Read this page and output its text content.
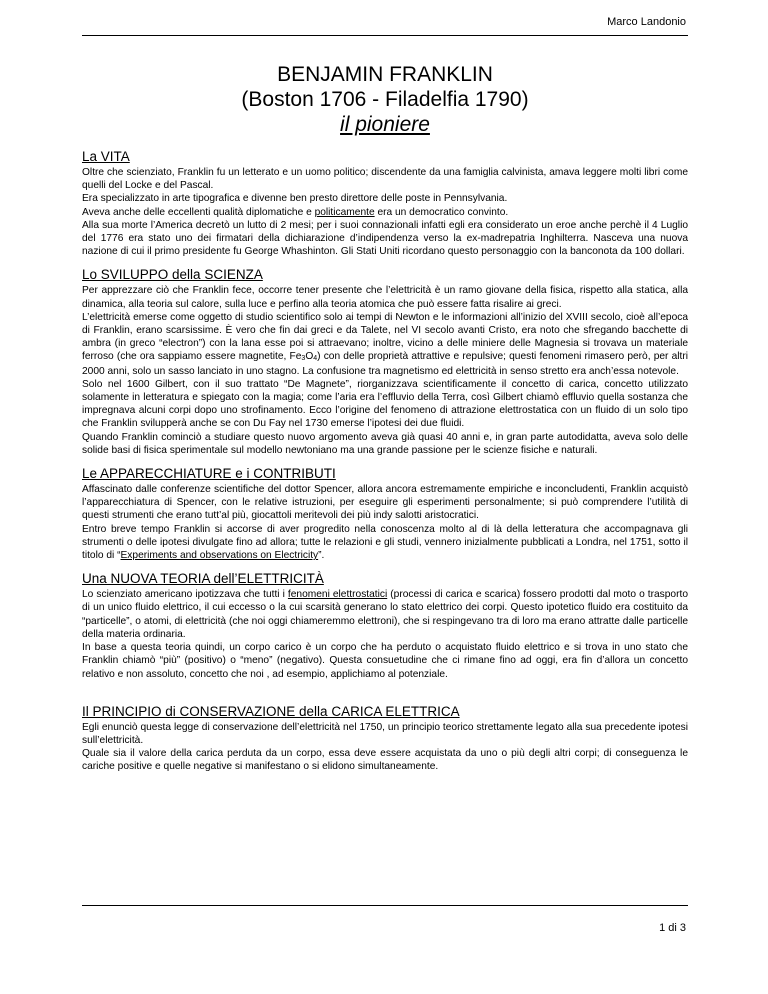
Marco Landonio
BENJAMIN FRANKLIN
(Boston 1706 - Filadelfia 1790)
il pioniere
La VITA

Oltre che scienziato, Franklin fu un letterato e un uomo politico; discendente da una famiglia calvinista, amava leggere molti libri come quelli del Locke e del Pascal.

Era specializzato in arte tipografica e divenne ben presto direttore delle poste in Pennsylvania.

Aveva anche delle eccellenti qualità diplomatiche e politicamente era un democratico convinto.

Alla sua morte l’America decretò un lutto di 2 mesi; per i suoi connazionali infatti egli era considerato un eroe anche perchè il 4 Luglio del 1776 era stato uno dei firmatari della dichiarazione d’indipendenza verso la ex-madrepatria Inghilterra. Nasceva una nuova nazione di cui il primo presidente fu George Whashinton. Gli Stati Uniti ricordano questo personaggio con la banconota da 100 dollari.

Lo SVILUPPO della SCIENZA

Per apprezzare ciò che Franklin fece, occorre tener presente che l’elettricità è un ramo giovane della fisica, rispetto alla statica, alla dinamica, alla teoria sul calore, sulla luce e perfino alla teoria atomica che può essere fatta risalire ai greci.

L’elettricità emerse come oggetto di studio scientifico solo ai tempi di Newton e le informazioni all’inizio del XVIII secolo, cioè all’epoca di Franklin, erano scarsissime. È vero che fin dai greci e da Talete, nel VI secolo avanti Cristo, era noto che sfregando bacchette di ambra (in greco “electron”) con la lana esse poi si attraevano; inoltre, vicino a delle miniere delle Magnesia si trovava un materiale ferroso (che ora sappiamo essere magnetite, $Fe_3O_4$) con delle proprietà attrattive e repulsive; questi fenomeni rimasero però, per altri 2000 anni, solo un sasso lanciato in uno stagno. La confusione tra magnetismo ed elettricità in senso stretto era anch’essa notevole.

Solo nel 1600 Gilbert, con il suo trattato “De Magnete”, riorganizzava scientificamente il concetto di carica, concetto utilizzato solamente in letteratura e spiegato con la magia; come l’aria era l’effluvio della Terra, così Gilbert chiamò effluvio quella sostanza che impregnava alcuni corpi dopo uno strofinamento. Ecco l’origine del fenomeno di attrazione elettrostatica con un fluido di un solo tipo che Franklin svilupperà anche se con Du Fay nel 1730 emerse l’ipotesi dei due fluidi.

Quando Franklin cominciò a studiare questo nuovo argomento aveva già quasi 40 anni e, in gran parte autodidatta, aveva solo delle solide basi di fisica sperimentale sul modello newtoniano ma una grande passione per le scienze fisiche e naturali.

Le APPARECCHIATURE e i CONTRIBUTI

Affascinato dalle conferenze scientifiche del dottor Spencer, allora ancora estremamente empiriche e inconcludenti, Franklin acquistò l’apparecchiatura di Spencer, con le relative istruzioni, per eseguire gli esperimenti personalmente; si può comprendere l’utilità di questi strumenti che erano tutt’al più, giocattoli meritevoli dei più indy salotti aristocratici.

Entro breve tempo Franklin si accorse di aver progredito nella conoscenza molto al di là della letteratura che accompagnava gli strumenti o delle ipotesi divulgate fino ad allora; tutte le relazioni e gli studi, vennero inizialmente pubblicati a Londra, nel 1751, sotto il titolo di “Experiments and observations on Electricity”.

Una NUOVA TEORIA dell’ELETTRICITÀ

Lo scienziato americano ipotizzava che tutti i fenomeni elettrostatici (processi di carica e scarica) fossero prodotti dal moto o trasporto di un unico fluido elettrico, il cui eccesso o la cui scarsità generano lo stato elettrico dei corpi. Questo ipotetico fluido era costituito da “particelle”, o atomi, di elettricità (che noi oggi chiameremmo elettroni), che si respingevano tra di loro ma erano attratte dalle particelle della materia ordinaria.

In base a questa teoria quindi, un corpo carico è un corpo che ha perduto o acquistato fluido elettrico e si trova in uno stato che Franklin chiamò “più” (positivo) o “meno” (negativo). Questa consuetudine che ci rimane fino ad oggi, era fin d’allora un concetto relativo e non assoluto, concetto che noi , ad esempio, applichiamo al potenziale.

Il PRINCIPIO di CONSERVAZIONE della CARICA ELETTRICA

Egli enunciò questa legge di conservazione dell’elettricità nel 1750, un principio teorico strettamente legato alla sua precedente ipotesi sull’elettricità.

Quale sia il valore della carica perduta da un corpo, essa deve essere acquistata da uno o più degli altri corpi; di conseguenza le cariche positive e quelle negative si manifestano o si elidono simultaneamente.

1 di 3
